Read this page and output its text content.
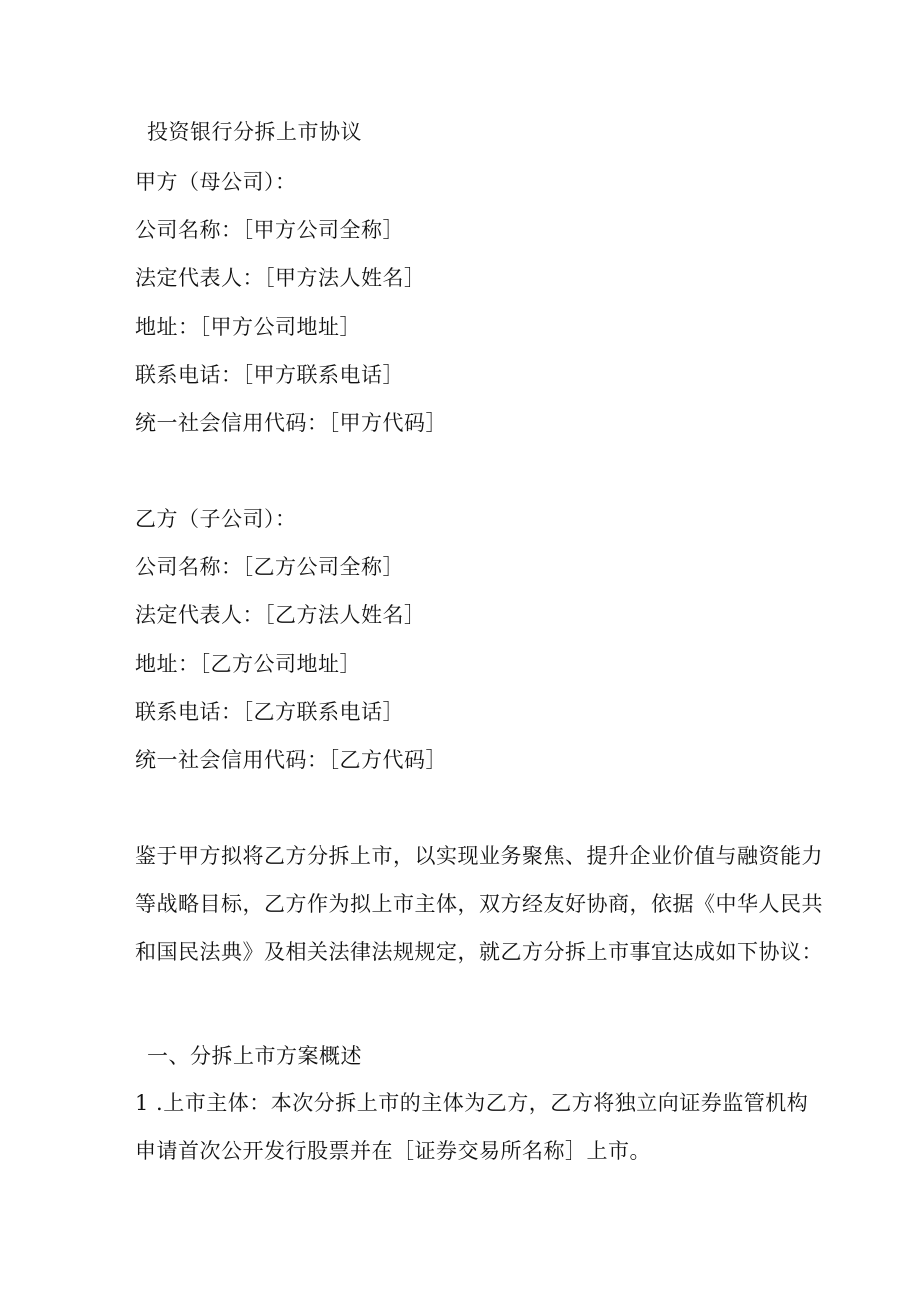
投资银行分拆上市协议
甲方（母公司）：
公司名称：［甲方公司全称］
法定代表人：［甲方法人姓名］
地址：［甲方公司地址］
联系电话：［甲方联系电话］
统一社会信用代码：［甲方代码］
乙方（子公司）：
公司名称：［乙方公司全称］
法定代表人：［乙方法人姓名］
地址：［乙方公司地址］
联系电话：［乙方联系电话］
统一社会信用代码：［乙方代码］
鉴于甲方拟将乙方分拆上市，以实现业务聚焦、提升企业价值与融资能力
等战略目标，乙方作为拟上市主体，双方经友好协商，依据《中华人民共
和国民法典》及相关法律法规规定，就乙方分拆上市事宜达成如下协议：
一、分拆上市方案概述
1 .上市主体：本次分拆上市的主体为乙方，乙方将独立向证券监管机构
申请首次公开发行股票并在［证券交易所名称］上市。
